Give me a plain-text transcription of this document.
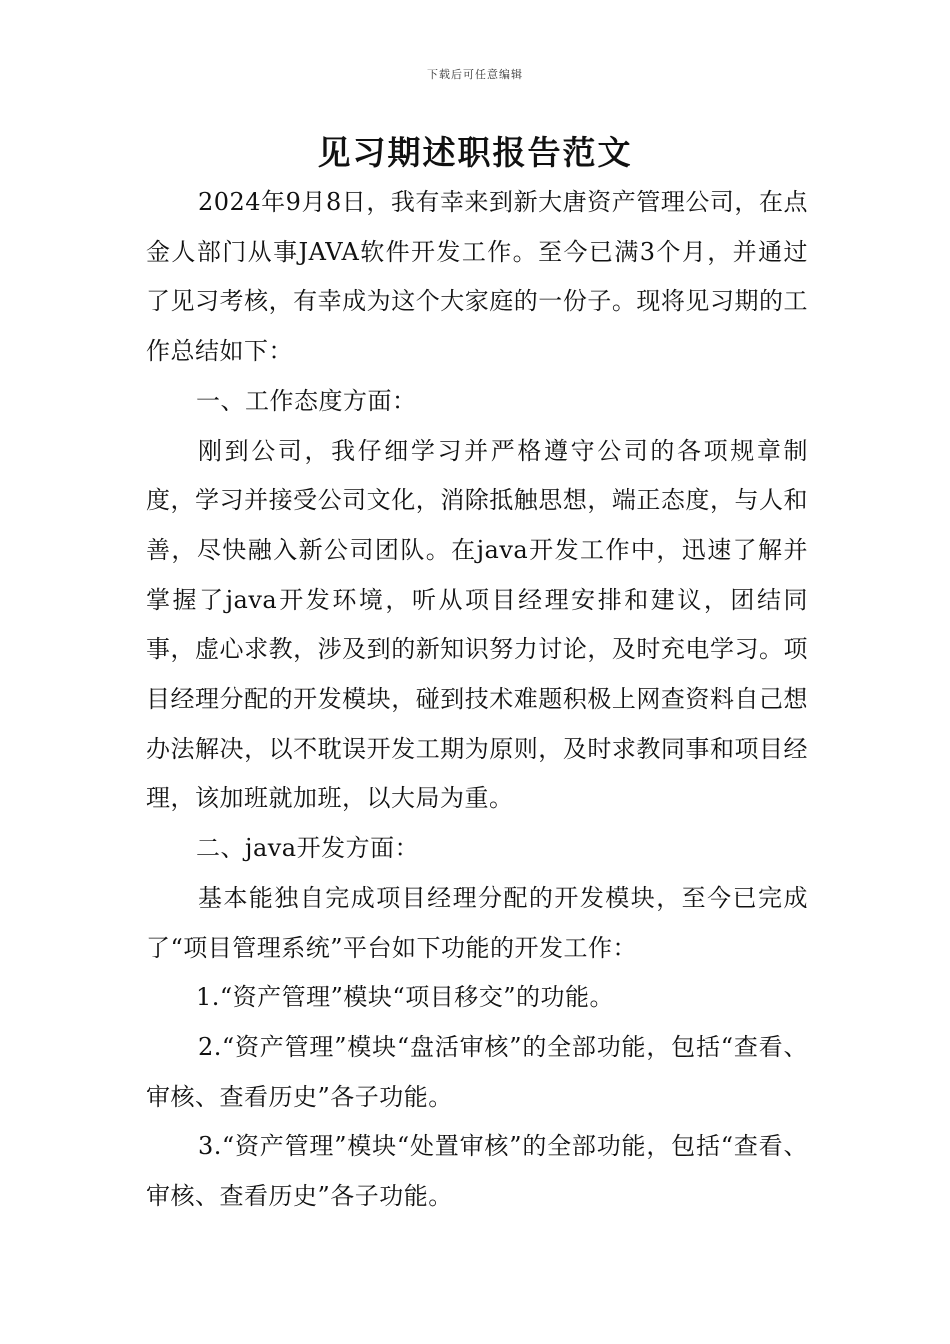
下载后可任意编辑
见习期述职报告范文

2024年9月8日，我有幸来到新大唐资产管理公司，在点金人部门从事JAVA软件开发工作。至今已满3个月，并通过了见习考核，有幸成为这个大家庭的一份子。现将见习期的工作总结如下：

一、工作态度方面：

刚到公司，我仔细学习并严格遵守公司的各项规章制度，学习并接受公司文化，消除抵触思想，端正态度，与人和善，尽快融入新公司团队。在java开发工作中，迅速了解并掌握了java开发环境，听从项目经理安排和建议，团结同事，虚心求教，涉及到的新知识努力讨论，及时充电学习。项目经理分配的开发模块，碰到技术难题积极上网查资料自己想办法解决，以不耽误开发工期为原则，及时求教同事和项目经理，该加班就加班，以大局为重。

二、java开发方面：

基本能独自完成项目经理分配的开发模块，至今已完成了“项目管理系统”平台如下功能的开发工作：

1.“资产管理”模块“项目移交”的功能。

2.“资产管理”模块“盘活审核”的全部功能，包括“查看、审核、查看历史”各子功能。

3.“资产管理”模块“处置审核”的全部功能，包括“查看、审核、查看历史”各子功能。
